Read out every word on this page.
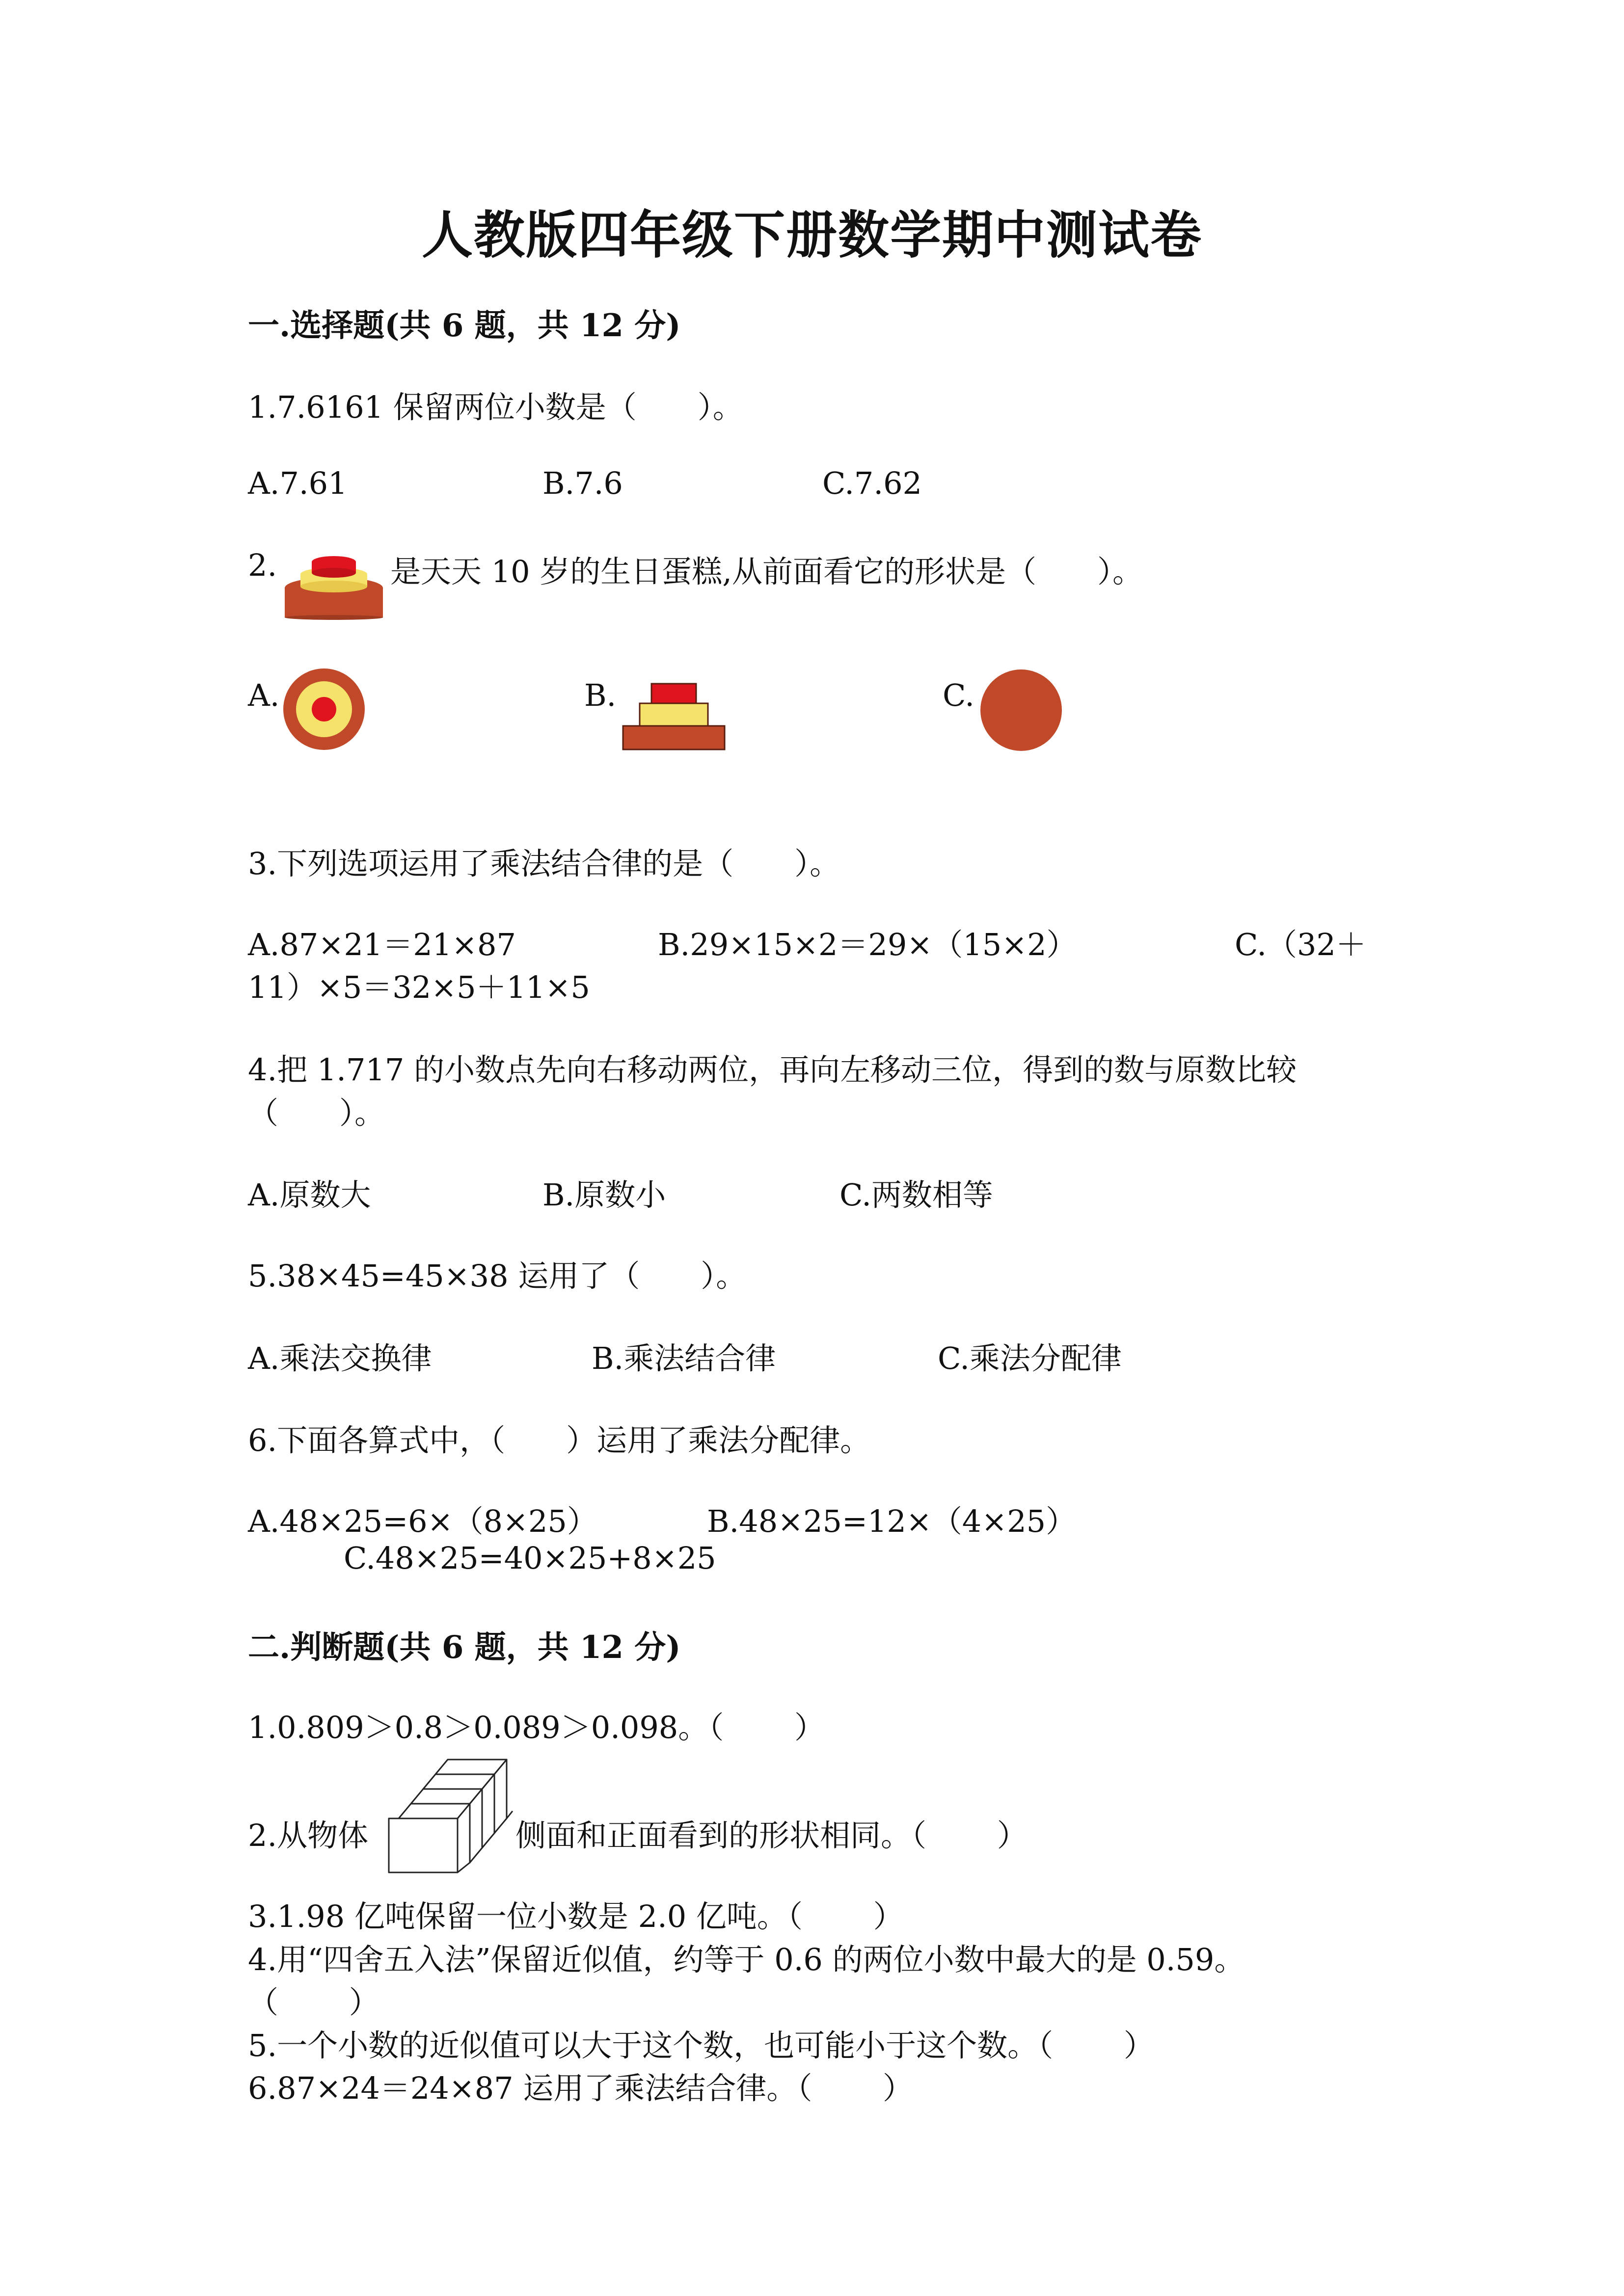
人教版四年级下册数学期中测试卷
一.选择题(共 6 题，共 12 分)
1.7.6161 保留两位小数是（　　）。
A.7.61	B.7.6	C.7.62
2.	是天天 10 岁的生日蛋糕,从前面看它的形状是（　　）。
A.	B.	C.
3.下列选项运用了乘法结合律的是（　　）。
A.87×21＝21×87	B.29×15×2＝29×（15×2）	C.（32＋
11）×5＝32×5＋11×5
4.把 1.717 的小数点先向右移动两位，再向左移动三位，得到的数与原数比较
（　　）。
A.原数大	B.原数小	C.两数相等
5.38×45=45×38 运用了（　　）。
A.乘法交换律	B.乘法结合律	C.乘法分配律
6.下面各算式中，（　　）运用了乘法分配律。
A.48×25=6×（8×25）	B.48×25=12×（4×25）
C.48×25=40×25+8×25
二.判断题(共 6 题，共 12 分)
1.0.809＞0.8＞0.089＞0.098。（　　 ）
2.从物体	侧面和正面看到的形状相同。（　　 ）
3.1.98 亿吨保留一位小数是 2.0 亿吨。（　　 ）
4.用“四舍五入法”保留近似值，约等于 0.6 的两位小数中最大的是 0.59。
（　　 ）
5.一个小数的近似值可以大于这个数，也可能小于这个数。（　　 ）
6.87×24＝24×87 运用了乘法结合律。（　　 ）
